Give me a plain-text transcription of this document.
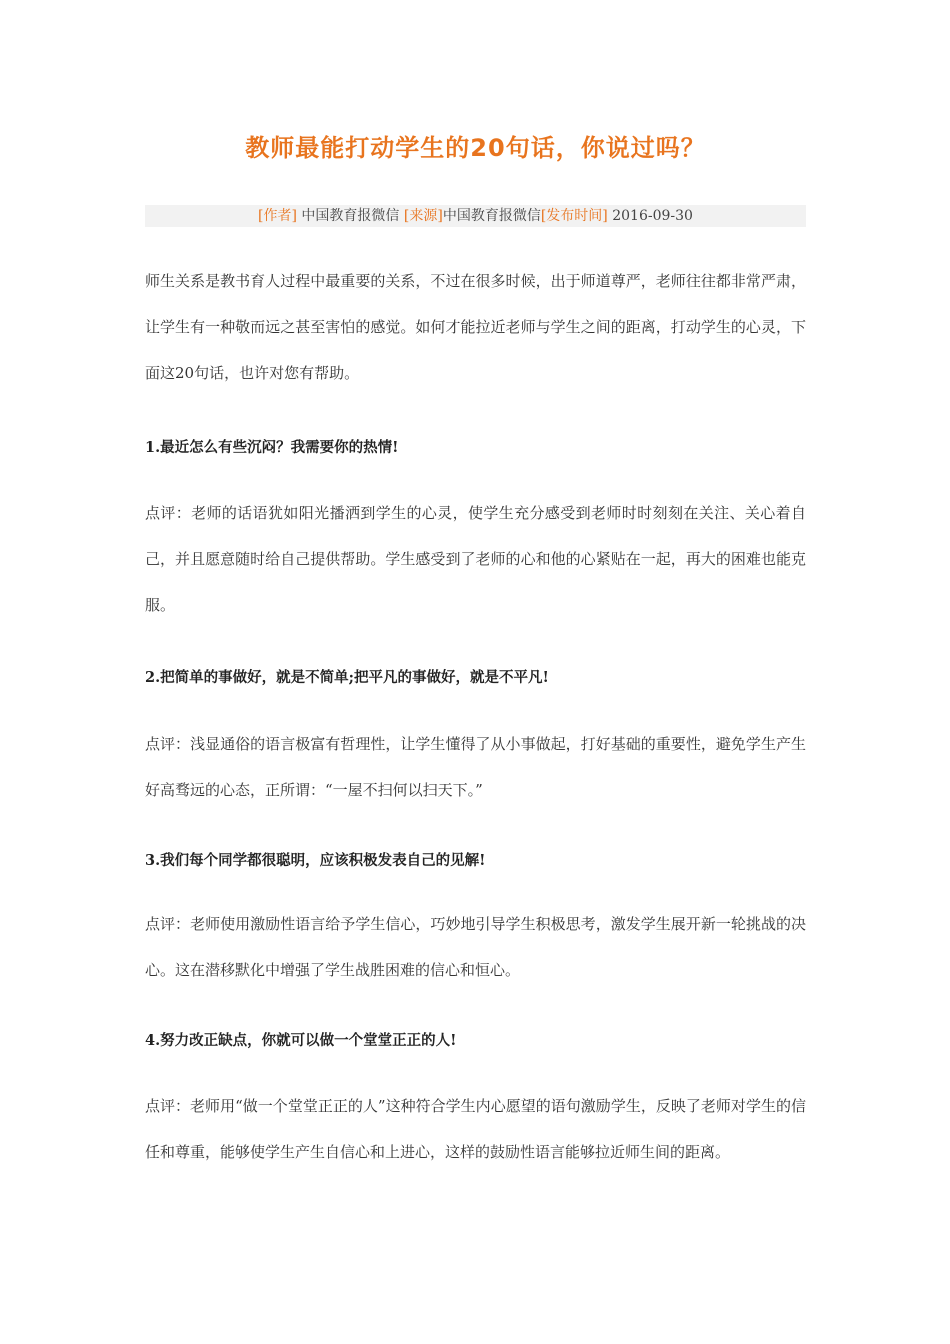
教师最能打动学生的20句话，你说过吗？
[作者] 中国教育报微信 [来源]中国教育报微信[发布时间] 2016-09-30
师生关系是教书育人过程中最重要的关系，不过在很多时候，出于师道尊严，老师往往都非常严肃，让学生有一种敬而远之甚至害怕的感觉。如何才能拉近老师与学生之间的距离，打动学生的心灵，下面这20句话，也许对您有帮助。
1.最近怎么有些沉闷？我需要你的热情!
点评：老师的话语犹如阳光播洒到学生的心灵，使学生充分感受到老师时时刻刻在关注、关心着自己，并且愿意随时给自己提供帮助。学生感受到了老师的心和他的心紧贴在一起，再大的困难也能克服。
2.把简单的事做好，就是不简单;把平凡的事做好，就是不平凡!
点评：浅显通俗的语言极富有哲理性，让学生懂得了从小事做起，打好基础的重要性，避免学生产生好高骛远的心态，正所谓：“一屋不扫何以扫天下。”
3.我们每个同学都很聪明，应该积极发表自己的见解!
点评：老师使用激励性语言给予学生信心，巧妙地引导学生积极思考，激发学生展开新一轮挑战的决心。这在潜移默化中增强了学生战胜困难的信心和恒心。
4.努力改正缺点，你就可以做一个堂堂正正的人!
点评：老师用“做一个堂堂正正的人”这种符合学生内心愿望的语句激励学生，反映了老师对学生的信任和尊重，能够使学生产生自信心和上进心，这样的鼓励性语言能够拉近师生间的距离。
